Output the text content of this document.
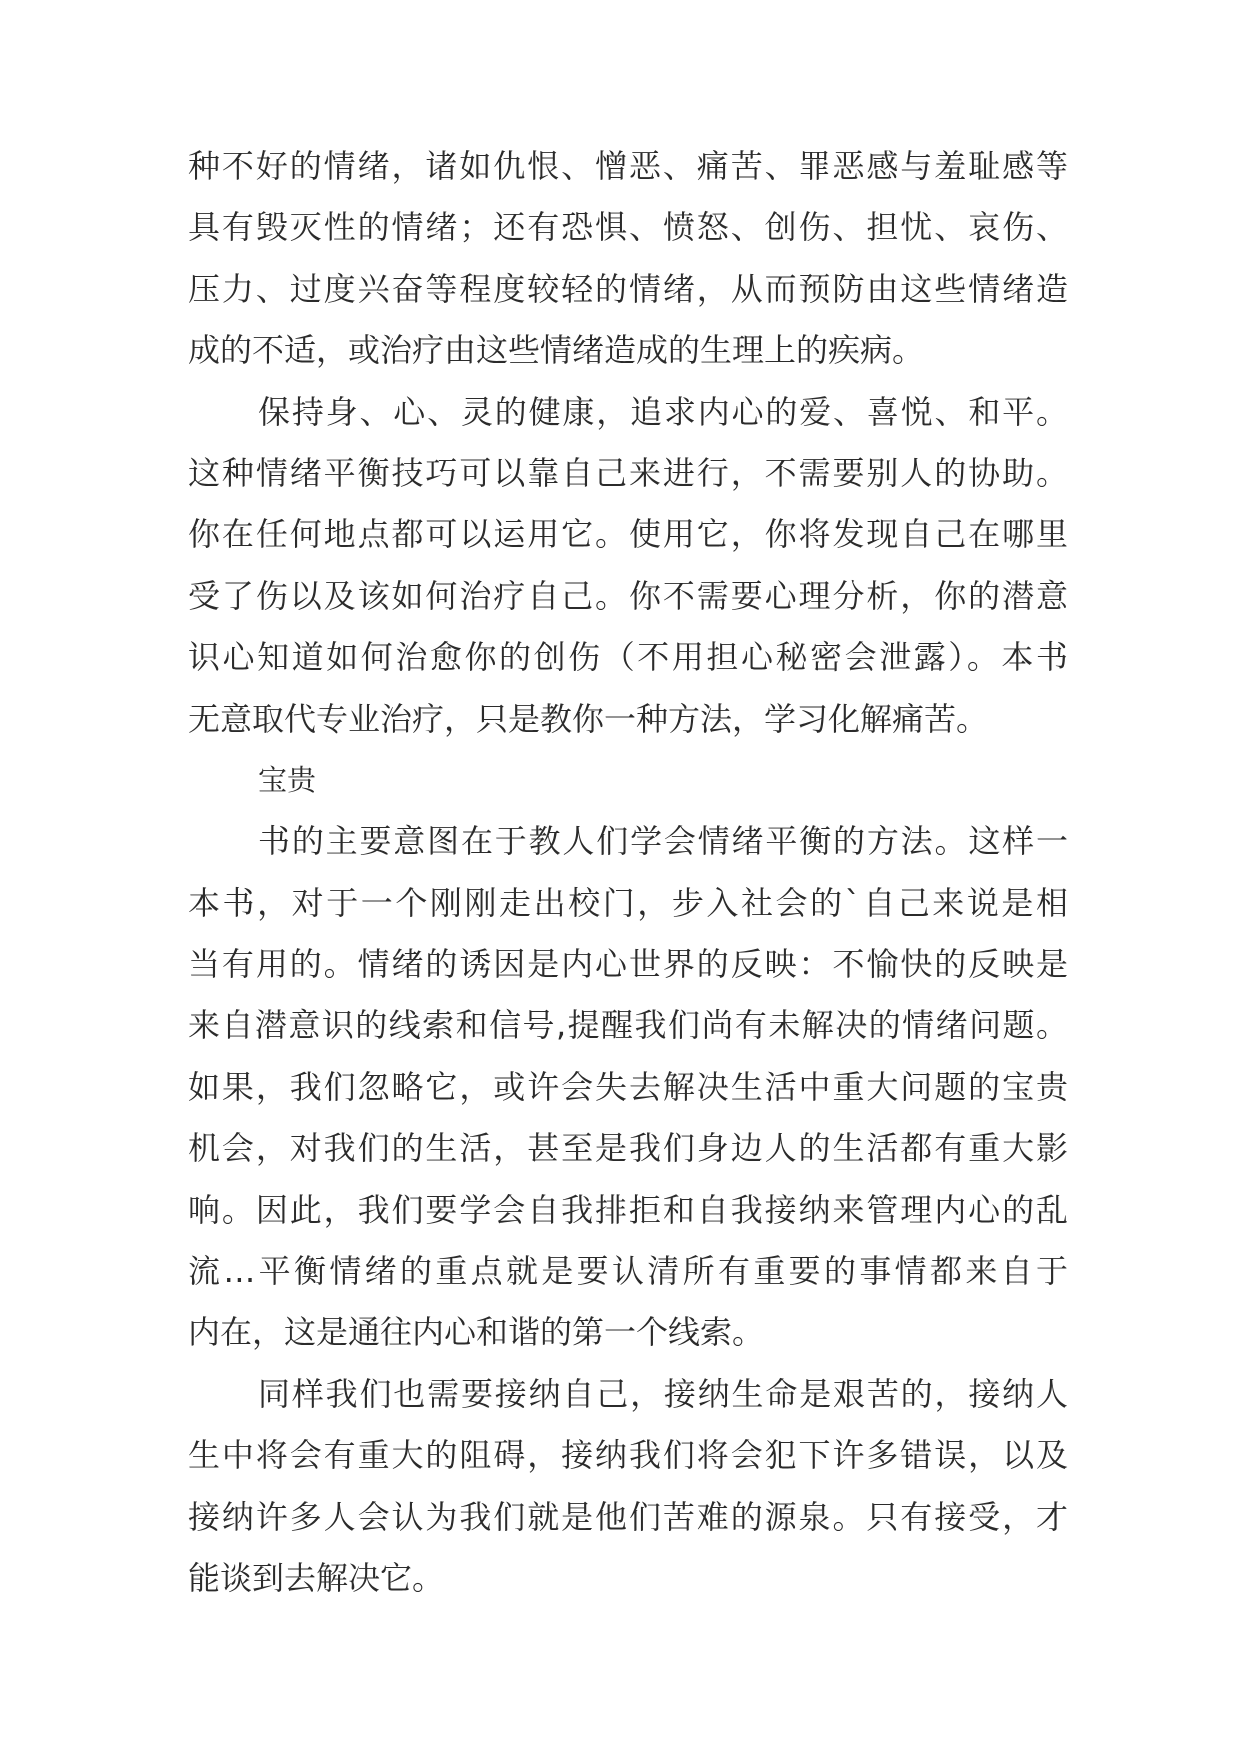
种不好的情绪，诸如仇恨、憎恶、痛苦、罪恶感与羞耻感等
具有毁灭性的情绪；还有恐惧、愤怒、创伤、担忧、哀伤、
压力、过度兴奋等程度较轻的情绪，从而预防由这些情绪造
成的不适，或治疗由这些情绪造成的生理上的疾病。
保持身、心、灵的健康，追求内心的爱、喜悦、和平。
这种情绪平衡技巧可以靠自己来进行，不需要别人的协助。
你在任何地点都可以运用它。使用它，你将发现自己在哪里
受了伤以及该如何治疗自己。你不需要心理分析，你的潜意
识心知道如何治愈你的创伤（不用担心秘密会泄露）。本书
无意取代专业治疗，只是教你一种方法，学习化解痛苦。
宝贵
书的主要意图在于教人们学会情绪平衡的方法。这样一
本书，对于一个刚刚走出校门，步入社会的`自己来说是相
当有用的。情绪的诱因是内心世界的反映：不愉快的反映是
来自潜意识的线索和信号,提醒我们尚有未解决的情绪问题。
如果，我们忽略它，或许会失去解决生活中重大问题的宝贵
机会，对我们的生活，甚至是我们身边人的生活都有重大影
响。因此，我们要学会自我排拒和自我接纳来管理内心的乱
流…平衡情绪的重点就是要认清所有重要的事情都来自于
内在，这是通往内心和谐的第一个线索。
同样我们也需要接纳自己，接纳生命是艰苦的，接纳人
生中将会有重大的阻碍，接纳我们将会犯下许多错误，以及
接纳许多人会认为我们就是他们苦难的源泉。只有接受，才
能谈到去解决它。
